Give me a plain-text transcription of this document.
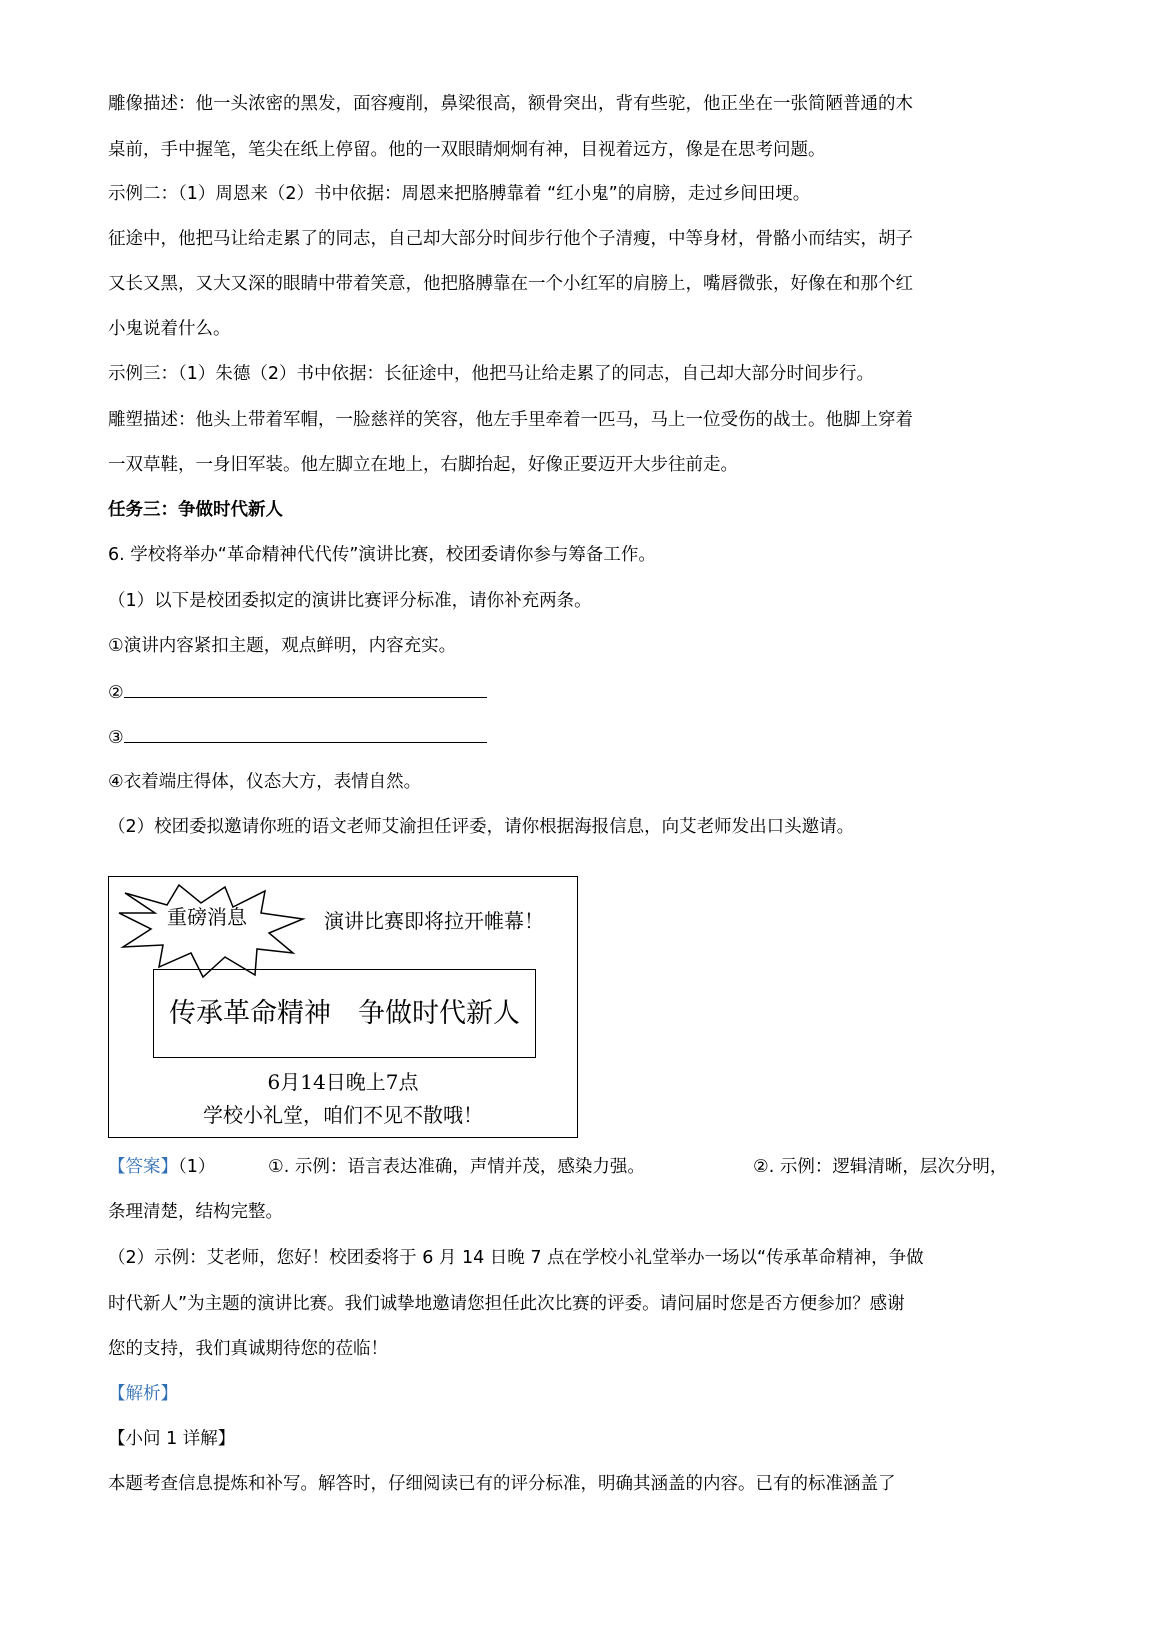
雕像描述：他一头浓密的黑发，面容瘦削，鼻梁很高，额骨突出，背有些驼，他正坐在一张简陋普通的木
桌前，手中握笔，笔尖在纸上停留。他的一双眼睛炯炯有神，目视着远方，像是在思考问题。
示例二：（1）周恩来（2）书中依据：周恩来把胳膊靠着 “红小鬼”的肩膀，走过乡间田埂。
征途中，他把马让给走累了的同志，自己却大部分时间步行他个子清瘦，中等身材，骨骼小而结实，胡子
又长又黑，又大又深的眼睛中带着笑意，他把胳膊靠在一个小红军的肩膀上，嘴唇微张，好像在和那个红
小鬼说着什么。
示例三：（1）朱德（2）书中依据：长征途中，他把马让给走累了的同志，自己却大部分时间步行。
雕塑描述：他头上带着军帽，一脸慈祥的笑容，他左手里牵着一匹马，马上一位受伤的战士。他脚上穿着
一双草鞋，一身旧军装。他左脚立在地上，右脚抬起，好像正要迈开大步往前走。
任务三：争做时代新人
6. 学校将举办“革命精神代代传”演讲比赛，校团委请你参与筹备工作。
（1）以下是校团委拟定的演讲比赛评分标准，请你补充两条。
①演讲内容紧扣主题，观点鲜明，内容充实。
②
③
④衣着端庄得体，仪态大方，表情自然。
（2）校团委拟邀请你班的语文老师艾渝担任评委，请你根据海报信息，向艾老师发出口头邀请。
重磅消息	演讲比赛即将拉开帷幕！
传承革命精神　争做时代新人
6月14日晚上7点
学校小礼堂，咱们不见不散哦！
【答案】（1）	①. 示例：语言表达准确，声情并茂，感染力强。	②. 示例：逻辑清晰，层次分明，
条理清楚，结构完整。
（2）示例：艾老师，您好！校团委将于 6 月 14 日晚 7 点在学校小礼堂举办一场以“传承革命精神，争做
时代新人”为主题的演讲比赛。我们诚挚地邀请您担任此次比赛的评委。请问届时您是否方便参加？感谢
您的支持，我们真诚期待您的莅临！
【解析】
【小问 1 详解】
本题考查信息提炼和补写。解答时，仔细阅读已有的评分标准，明确其涵盖的内容。已有的标准涵盖了
